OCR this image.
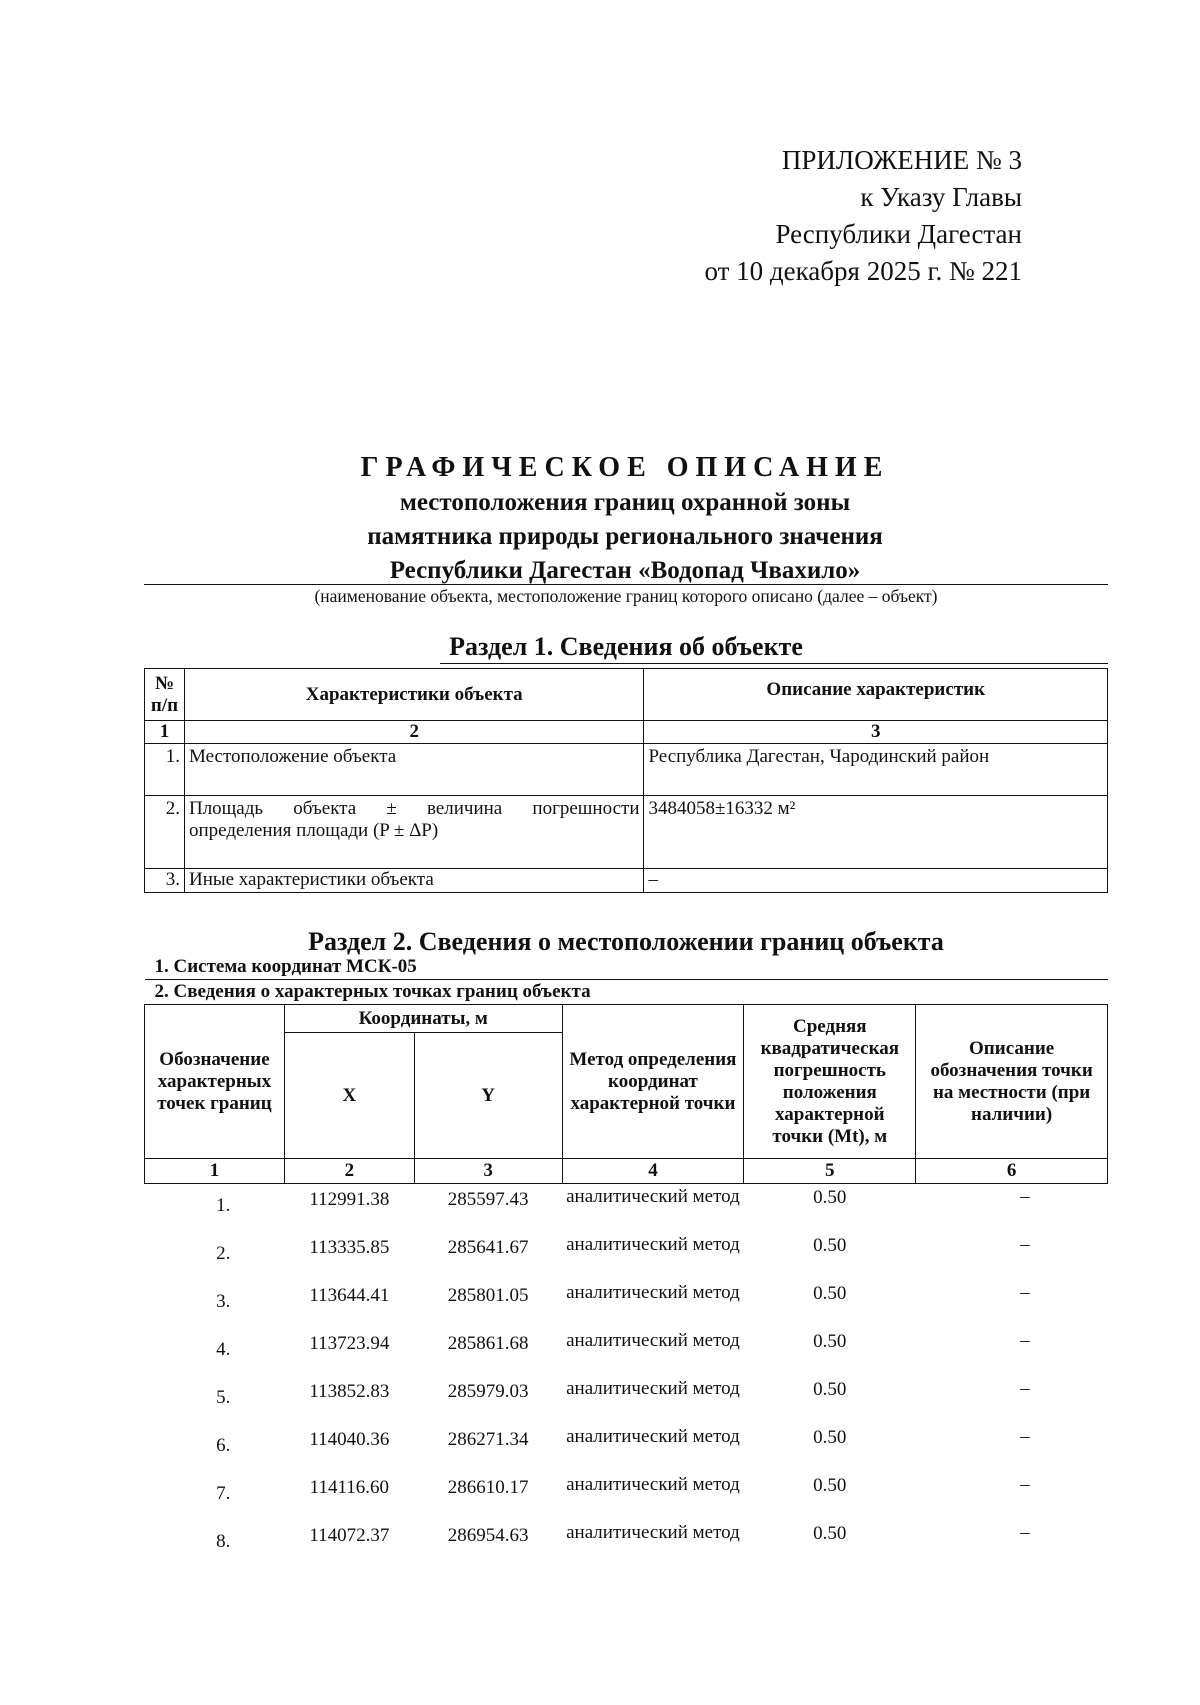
ПРИЛОЖЕНИЕ № 3
к Указу Главы
Республики Дагестан
от 10 декабря 2025 г. № 221
ГРАФИЧЕСКОЕ ОПИСАНИЕ
местоположения границ охранной зоны
памятника природы регионального значения
Республики Дагестан «Водопад Чвахило»
(наименование объекта, местоположение границ которого описано (далее – объект)
Раздел 1. Сведения об объекте
№ п/п	Характеристики объекта	Описание характеристик
1	2	3
1.	Местоположение объекта	Республика Дагестан, Чародинский район
2.	Площадь объекта ± величина погрешности определения площади (P ± ΔP)	3484058±16332 м²
3.	Иные характеристики объекта	–
Раздел 2. Сведения о местоположении границ объекта
1. Система координат МСК-05					
2. Сведения о характерных точках границ объекта					
Обозначение характерных точек границ	Координаты, м		Метод определения координат характерной точки	Средняя квадратическая погрешность положения характерной точки (Mt), м	Описание обозначения точки на местности (при наличии)
	X	Y			
1	2	3	4	5	6
1.	112991.38	285597.43	аналитический метод	0.50	–
2.	113335.85	285641.67	аналитический метод	0.50	–
3.	113644.41	285801.05	аналитический метод	0.50	–
4.	113723.94	285861.68	аналитический метод	0.50	–
5.	113852.83	285979.03	аналитический метод	0.50	–
6.	114040.36	286271.34	аналитический метод	0.50	–
7.	114116.60	286610.17	аналитический метод	0.50	–
8.	114072.37	286954.63	аналитический метод	0.50	–
